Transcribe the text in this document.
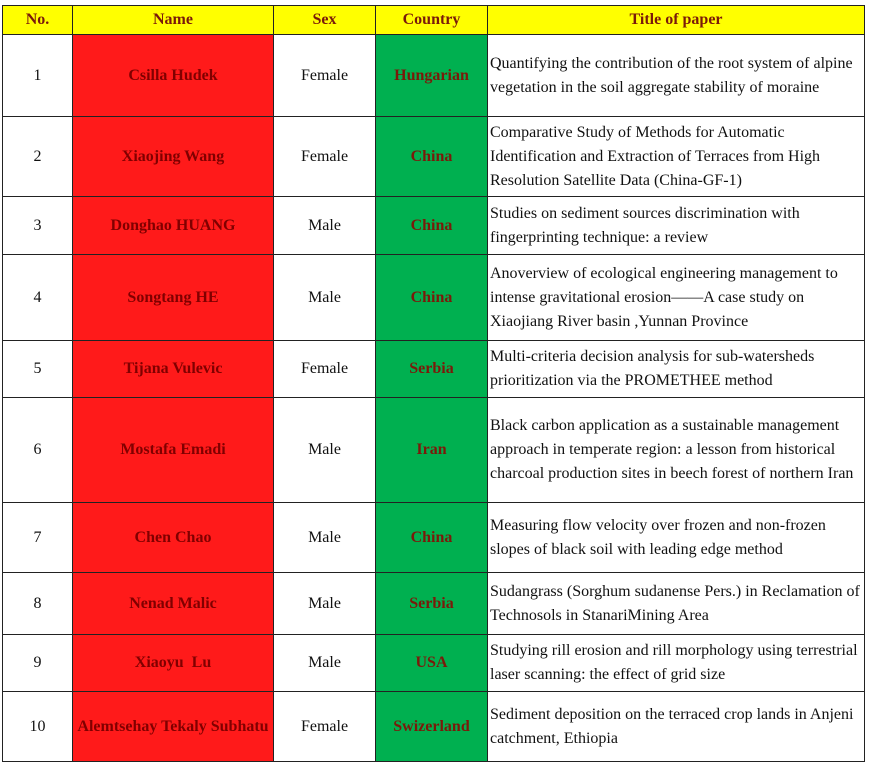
No.	Name	Sex	Country	Title of paper
1	Csilla Hudek	Female	Hungarian	Quantifying the contribution of the root system of alpine vegetation in the soil aggregate stability of moraine
2	Xiaojing Wang	Female	China	Comparative Study of Methods for Automatic Identification and Extraction of Terraces from High Resolution Satellite Data (China-GF-1)
3	Donghao HUANG	Male	China	Studies on sediment sources discrimination with fingerprinting technique: a review
4	Songtang HE	Male	China	Anoverview of ecological engineering management to intense gravitational erosion——A case study on Xiaojiang River basin ,Yunnan Province
5	Tijana Vulevic	Female	Serbia	Multi-criteria decision analysis for sub-watersheds prioritization via the PROMETHEE method
6	Mostafa Emadi	Male	Iran	Black carbon application as a sustainable management approach in temperate region: a lesson from historical charcoal production sites in beech forest of northern Iran
7	Chen Chao	Male	China	Measuring flow velocity over frozen and non-frozen slopes of black soil with leading edge method
8	Nenad Malic	Male	Serbia	Sudangrass (Sorghum sudanense Pers.) in Reclamation of Technosols in StanariMining Area
9	Xiaoyu  Lu	Male	USA	Studying rill erosion and rill morphology using terrestrial laser scanning: the effect of grid size
10	Alemtsehay Tekaly Subhatu	Female	Swizerland	Sediment deposition on the terraced crop lands in Anjeni catchment, Ethiopia
